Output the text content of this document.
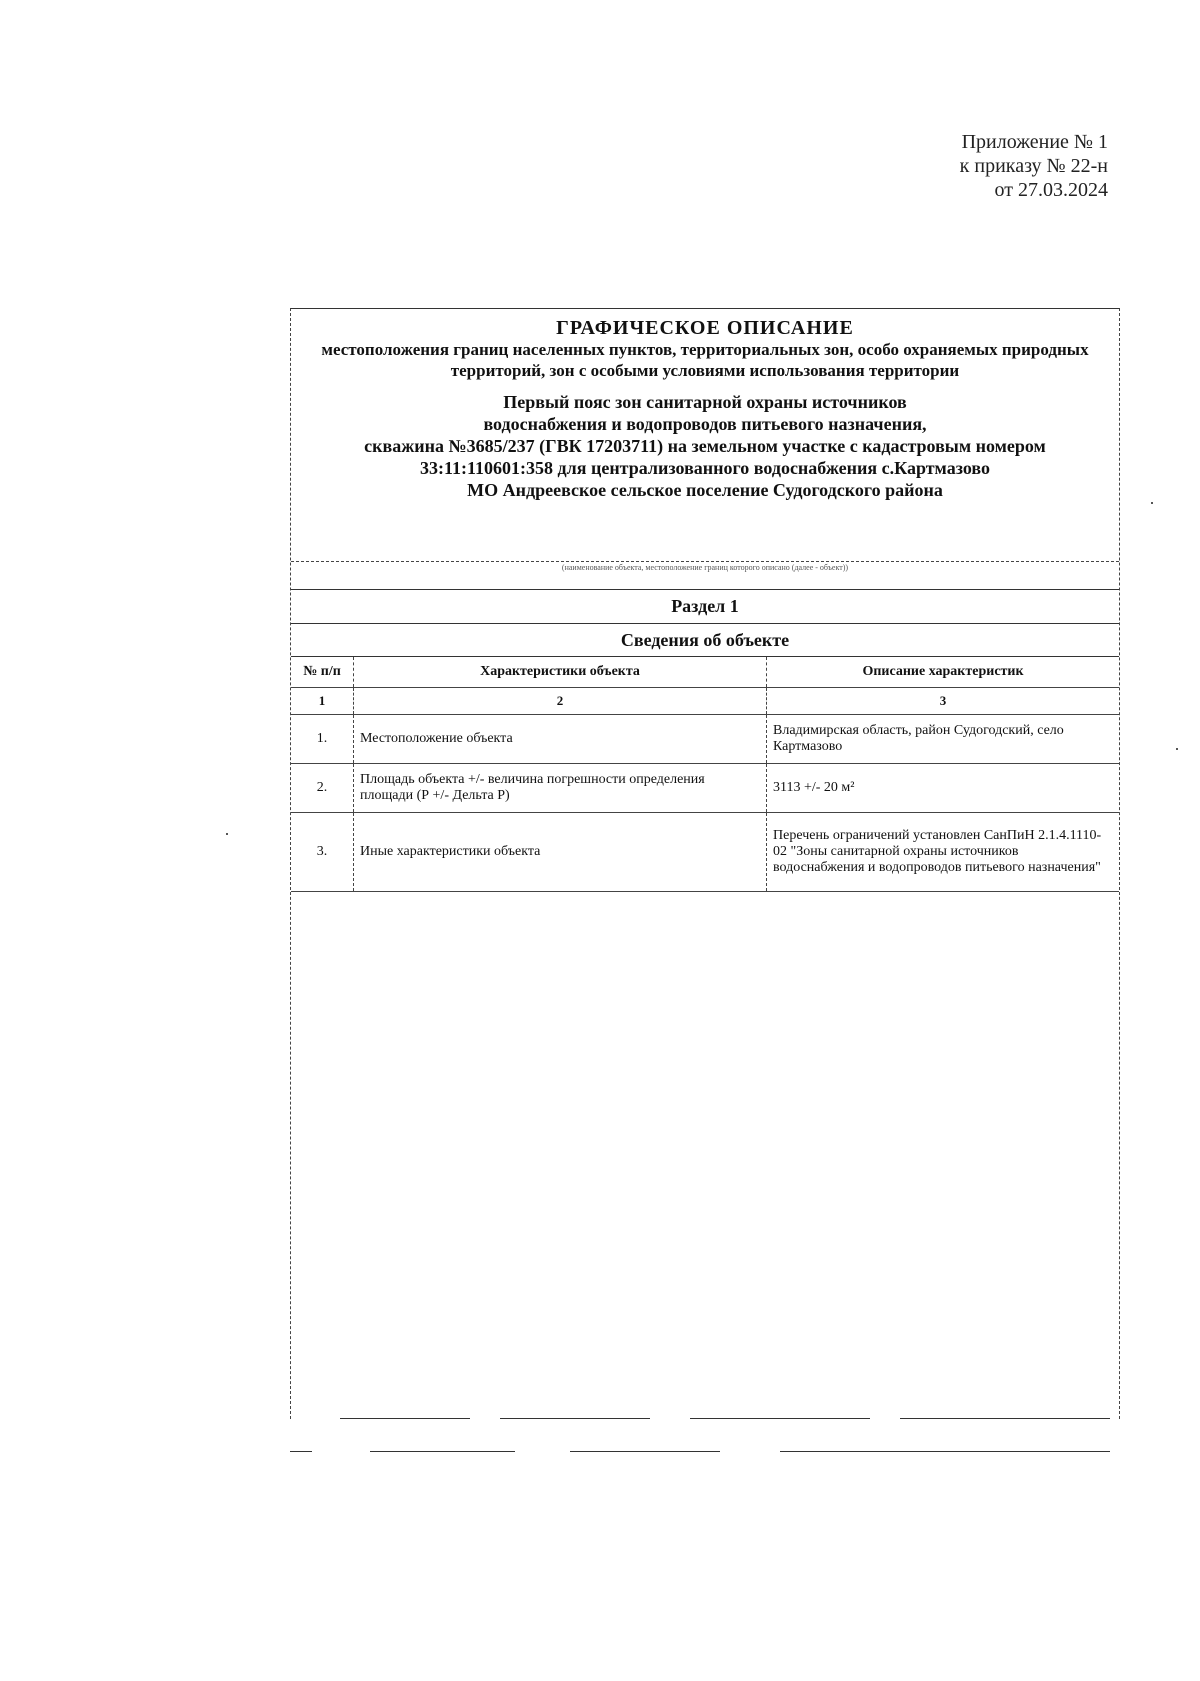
Приложение № 1
к приказу № 22-н
от 27.03.2024
ГРАФИЧЕСКОЕ ОПИСАНИЕ
местоположения границ населенных пунктов, территориальных зон, особо охраняемых природных территорий, зон с особыми условиями использования территории
Первый пояс зон санитарной охраны источников
водоснабжения и водопроводов питьевого назначения,
скважина №3685/237 (ГВК 17203711) на земельном участке с кадастровым номером
33:11:110601:358 для централизованного водоснабжения с.Картмазово
МО Андреевское сельское поселение Судогодского района
(наименование объекта, местоположение границ которого описано (далее - объект))
Раздел 1
Сведения об объекте
№ п/п	Характеристики объекта	Описание характеристик
1	2	3
1.	Местоположение объекта	Владимирская область, район Судогодский, село Картмазово
2.	Площадь объекта +/- величина погрешности определения площади (Р +/- Дельта Р)	3113 +/- 20 м²
3.	Иные характеристики объекта	Перечень ограничений установлен СанПиН 2.1.4.1110-02 "Зоны санитарной охраны источников водоснабжения и водопроводов питьевого назначения"
